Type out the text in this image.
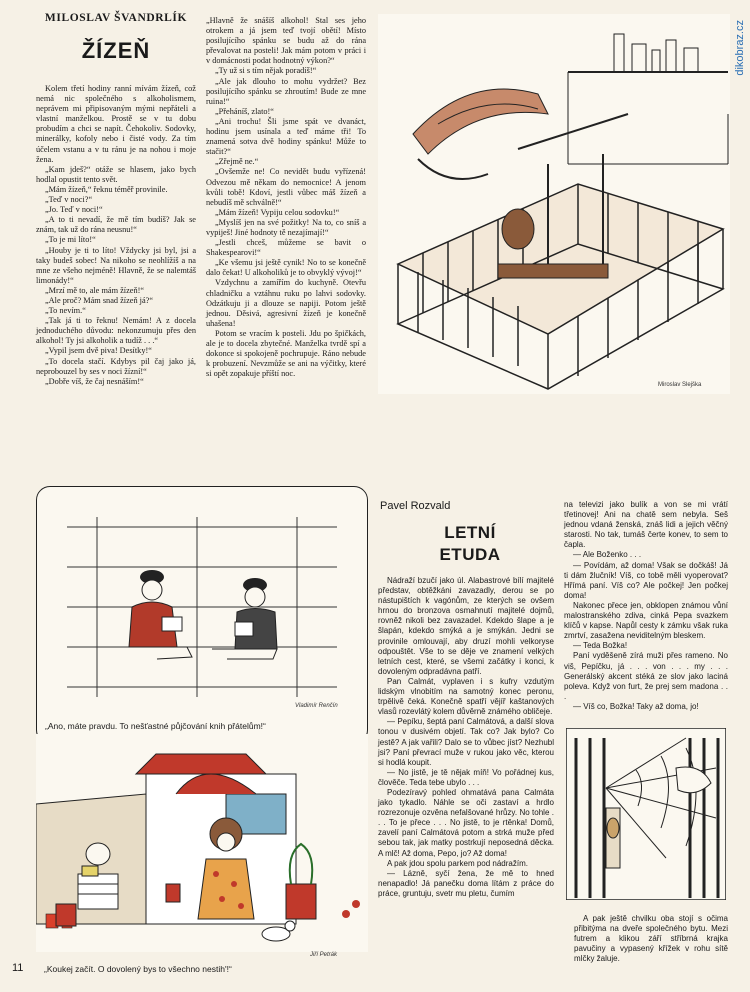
MILOSLAV ŠVANDRLÍK
ŽÍZEŇ

Kolem třetí hodiny ranní mívám žízeň, což nemá nic společného s alkoholismem, neprávem mi připisovaným mými nepřáteli a vlastní manželkou. Prostě se v tu dobu probudím a chci se napít. Čehokoliv. Sodovky, minerálky, kofoly nebo i čisté vody. Za tím účelem vstanu a v tu ránu je na nohou i moje žena.

„Kam jdeš?“ otáže se hlasem, jako bych hodlal opustit tento svět.

„Mám žízeň,“ řeknu téměř provinile.

„Teď v noci?“

„Jo. Teď v noci!“

„A to ti nevadí, že mě tím budíš? Jak se znám, tak už do rána neusnu!“

„To je mi líto!“

„Houby je ti to líto! Vždycky jsi byl, jsi a taky budeš sobec! Na nikoho se neohlížíš a na mne ze všeho nejméně! Hlavně, že se nalemtáš limonády!“

„Mrzí mě to, ale mám žízeň!“

„Ale proč? Mám snad žízeň já?“

„To nevím.“

„Tak já ti to řeknu! Nemám! A z docela jednoduchého důvodu: nekonzumuju přes den alkohol! Ty jsi alkoholik a tudíž . . .“

„Vypil jsem dvě piva! Desítky!“

„To docela stačí. Kdybys pil čaj jako já, neprobouzel by ses v noci žízní!“

„Dobře víš, že čaj nesnáším!“

„Hlavně že snášíš alkohol! Stal ses jeho otrokem a já jsem teď tvojí obětí! Místo posilujícího spánku se budu až do rána převalovat na posteli! Jak mám potom v práci i v domácnosti podat hodnotný výkon?“

„Ty už si s tím nějak poradíš!“

„Ale jak dlouho to mohu vydržet? Bez posilujícího spánku se zhroutím! Bude ze mne ruina!“

„Přeháníš, zlato!“

„Ani trochu! Šli jsme spát ve dvanáct, hodinu jsem usínala a teď máme tři! To znamená sotva dvě hodiny spánku! Může to stačit?“

„Zřejmě ne.“

„Ovšemže ne! Co nevidět budu vyřízená! Odvezou mě někam do nemocnice! A jenom kvůli tobě! Kdoví, jestli vůbec máš žízeň a nebudíš mě schválně!“

„Mám žízeň! Vypiju celou sodovku!“

„Myslíš jen na své požitky! Na to, co sníš a vypiješ! Jiné hodnoty tě nezajímají!“

„Jestli chceš, můžeme se bavit o Shakespearovi!“

„Ke všemu jsi ještě cynik! No to se konečně dalo čekat! U alkoholiků je to obvyklý vývoj!“

Vzdychnu a zamířím do kuchyně. Otevřu chladničku a vztáhnu ruku po lahvi sodovky. Odzátkuju ji a dlouze se napiji. Potom ještě jednou. Děsivá, agresivní žízeň je konečně uhašena!

Potom se vracím k posteli. Jdu po špičkách, ale je to docela zbytečné. Manželka tvrdě spí a dokonce si spokojeně pochrupuje. Ráno nebude k probuzení. Nevzmůže se ani na výčitky, které si opět zopakuje příští noc.

Miroslav Slejška
Vladimír Renčín
„Ano, máte pravdu. To nešťastné půjčování knih přátelům!“
Jiří Petrák
„Koukej začít. O dovolený bys to všechno nestih'!“
Pavel Rozvald
LETNÍ
ETUDA

Nádraží bzučí jako úl. Alabastrové bílí majitelé představ, obtěžkáni zavazadly, derou se po nástupištích k vagónům, ze kterých se ovšem hrnou do bronzova osmahnutí majitelé dojmů, rovněž nikoli bez zavazadel. Kdekdo šlape a je šlapán, kdekdo smýká a je smýkán. Jedni se provinile omlouvají, aby druzí mohli velkoryse odpouštět. Vše to se děje ve znamení velkých letních cest, které, se všemi začátky i konci, k dovoleným odpradávna patří.

Pan Calmát, vyplaven i s kufry vzdutým lidským vlnobitím na samotný konec peronu, trpělivě čeká. Konečně spatří vějíř kaštanových vlasů rozevlátý kolem důvěrně známého obličeje.

— Pepíku, šeptá paní Calmátová, a další slova tonou v dusivém objetí. Tak co? Jak bylo? Co jestě? A jak vařili? Dalo se to vůbec jíst? Nezhubl jsi? Paní převrací muže v rukou jako věc, kterou si hodlá koupit.

— No jistě, je tě nějak míň! Vo pořádnej kus, člověče. Teda tebe ubylo . . .

Podezíravý pohled ohmatává pana Calmáta jako tykadlo. Náhle se oči zastaví a hrdlo rozrezonuje ozvěna nefalšované hrůzy. No tohle . . . To je přece . . . No jistě, to je rtěnka! Domů, zavelí paní Calmátová potom a strká muže před sebou tak, jak matky postrkují neposedná děcka. A mlč! Až doma, Pepo, jo? Až doma!

A pak jdou spolu parkem pod nádražím.

— Lázně, syčí žena, že mě to hned nenapadlo! Já panečku doma lítám z práce do práce, gruntuju, svetr mu pletu, čumím

na televizi jako bulík a von se mi vrátí třetinovej! Ani na chatě sem nebyla. Seš jednou vdaná ženská, znáš lidi a jejich věčný starosti. No tak, tumáš čerte konev, to sem to čapla.

— Ale Boženko . . .

— Povídám, až doma! Však se dočkáš! Já ti dám žlučník! Víš, co tobě měli vyoperovat? Hřímá paní. Víš co? Ale počkej! Jen počkej doma!

Nakonec přece jen, obklopen známou vůní malostranského zdiva, cinká Pepa svazkem klíčů v kapse. Napůl cesty k zámku však ruka zmrtví, zasažena neviditelným bleskem.

— Teda Božka!

Paní vyděšeně zírá muži přes rameno. No vіš, Pepíčku, já . . . von . . . my . . . Generálský akcent stéká ze slov jako laciná poleva. Když von furt, že prej sem madona . . .

— Víš co, Božka! Taky až doma, jo!

A pak ještě chvilku oba stojí s očima přibitýma na dveře společného bytu. Mezi futrem a klikou září stříbrná krajka pavučiny a vypasený křížek v rohu sítě mlčky žaluje.

11
dikobraz.cz
